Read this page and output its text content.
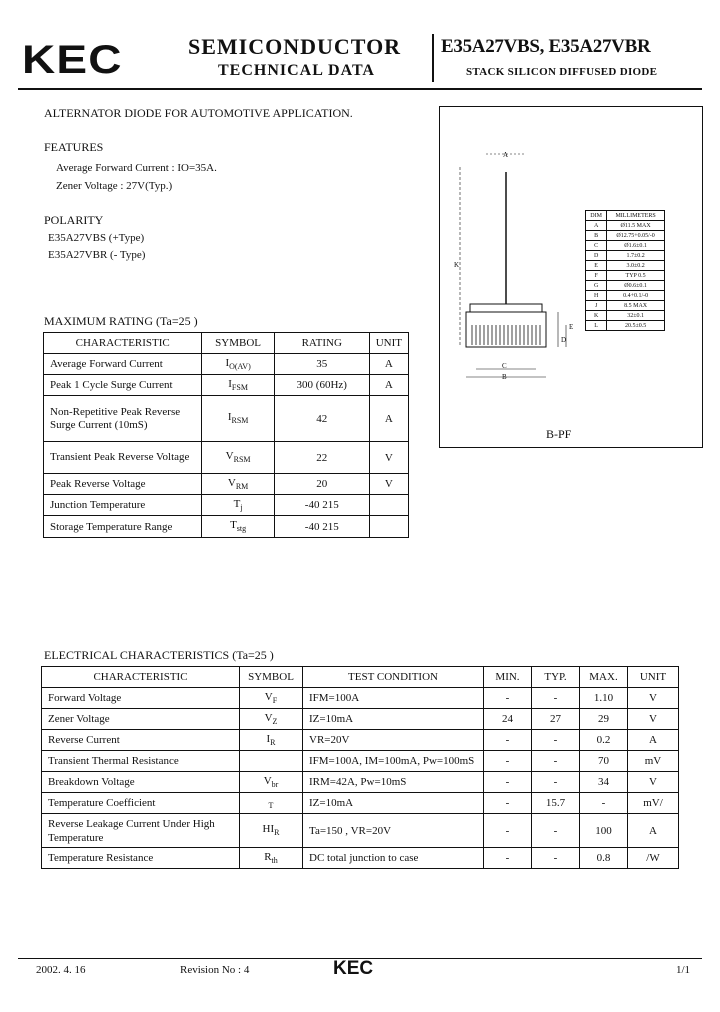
KEC	SEMICONDUCTOR
TECHNICAL DATA
E35A27VBS, E35A27VBR
STACK SILICON DIFFUSED DIODE
ALTERNATOR DIODE FOR AUTOMOTIVE APPLICATION.
FEATURES
Average Forward Current : IO=35A.
Zener Voltage : 27V(Typ.)
POLARITY
E35A27VBS (+Type)
E35A27VBR (- Type)
A
K
C
B
D
E
B-PF
DIM	MILLIMETERS
A	Ø11.5 MAX
B	Ø12.75+0.05/-0
C	Ø1.6±0.1
D	1.7±0.2
E	3.0±0.2
F	TYP 0.5
G	Ø0.6±0.1
H	0.4+0.1/-0
J	8.5 MAX
K	32±0.1
L	20.5±0.5
MAXIMUM RATING (Ta=25 )
CHARACTERISTIC	SYMBOL	RATING	UNIT
Average Forward Current	$I_{O(AV)}$	35	A
Peak 1 Cycle Surge Current	$I_{FSM}$	300 (60Hz)	A
Non-Repetitive Peak Reverse Surge Current (10mS)	$I_{RSM}$	42	A
Transient Peak Reverse Voltage	$V_{RSM}$	22	V
Peak Reverse Voltage	$V_{RM}$	20	V
Junction Temperature	$T_j$	-40 215	
Storage Temperature Range	$T_{stg}$	-40 215	
ELECTRICAL CHARACTERISTICS (Ta=25 )
CHARACTERISTIC	SYMBOL	TEST CONDITION	MIN.	TYP.	MAX.	UNIT
Forward Voltage	$V_F$	IFM=100A	-	-	1.10	V
Zener Voltage	$V_Z$	IZ=10mA	24	27	29	V
Reverse Current	$I_R$	VR=20V	-	-	0.2	A
Transient Thermal Resistance		IFM=100A, IM=100mA, Pw=100mS	-	-	70	mV
Breakdown Voltage	$V_{br}$	IRM=42A, Pw=10mS	-	-	34	V
Temperature Coefficient	$_T$	IZ=10mA	-	15.7	-	mV/
Reverse Leakage Current Under High Temperature	$HI_R$	Ta=150 , VR=20V	-	-	100	A
Temperature Resistance	$R_{th}$	DC total junction to case	-	-	0.8	/W
2002. 4. 16	Revision No : 4	KEC	1/1
